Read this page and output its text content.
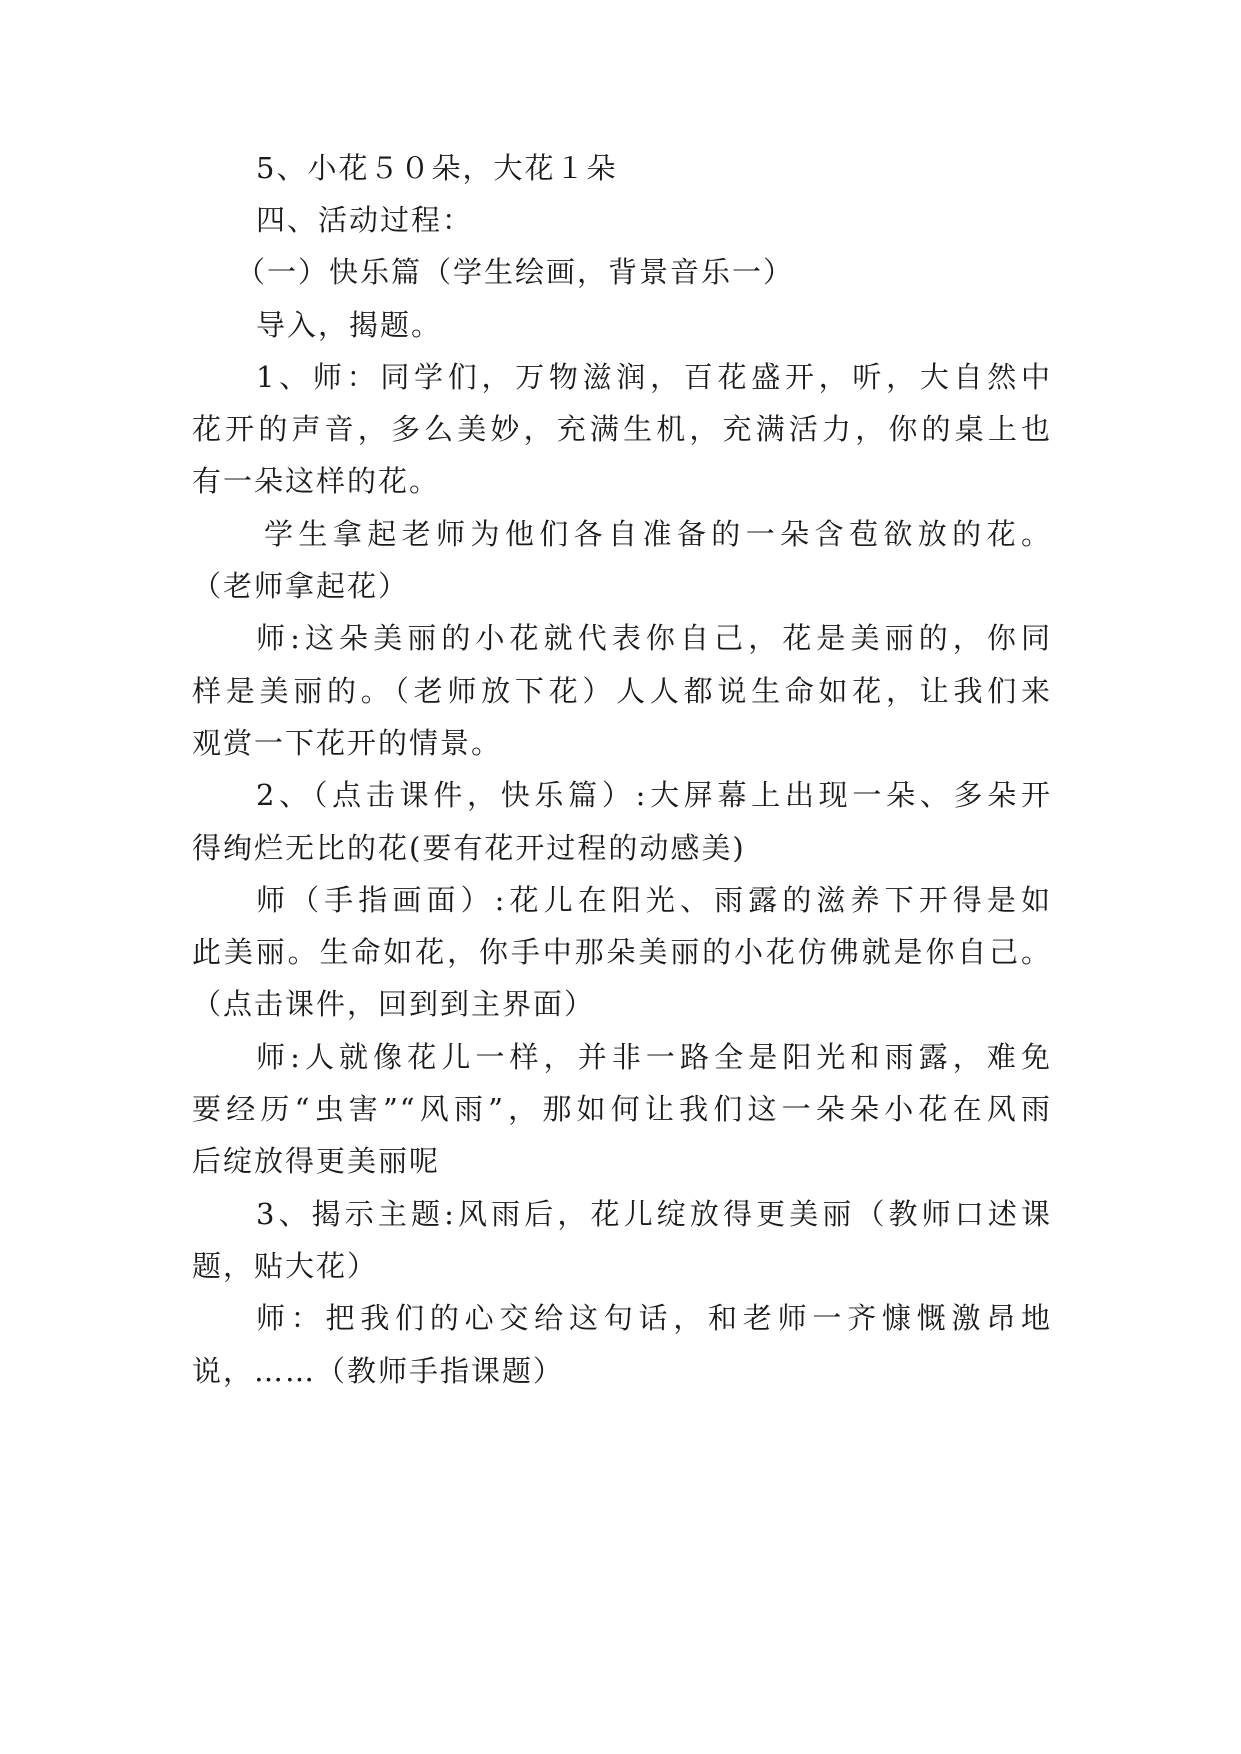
5、小花５０朵，大花１朵
四、活动过程：
（一）快乐篇（学生绘画，背景音乐一）
导入，揭题。
1、师：同学们，万物滋润，百花盛开，听，大自然中
花开的声音，多么美妙，充满生机，充满活力，你的桌上也
有一朵这样的花。
学生拿起老师为他们各自准备的一朵含苞欲放的花。
（老师拿起花）
师:这朵美丽的小花就代表你自己，花是美丽的，你同
样是美丽的。（老师放下花）人人都说生命如花，让我们来
观赏一下花开的情景。
2、（点击课件，快乐篇）:大屏幕上出现一朵、多朵开
得绚烂无比的花(要有花开过程的动感美)
师（手指画面）:花儿在阳光、雨露的滋养下开得是如
此美丽。生命如花，你手中那朵美丽的小花仿佛就是你自己。
（点击课件，回到到主界面）
师:人就像花儿一样，并非一路全是阳光和雨露，难免
要经历“虫害”“风雨”，那如何让我们这一朵朵小花在风雨
后绽放得更美丽呢
3、揭示主题:风雨后，花儿绽放得更美丽（教师口述课
题，贴大花）
师：把我们的心交给这句话，和老师一齐慷慨激昂地
说，……（教师手指课题）
